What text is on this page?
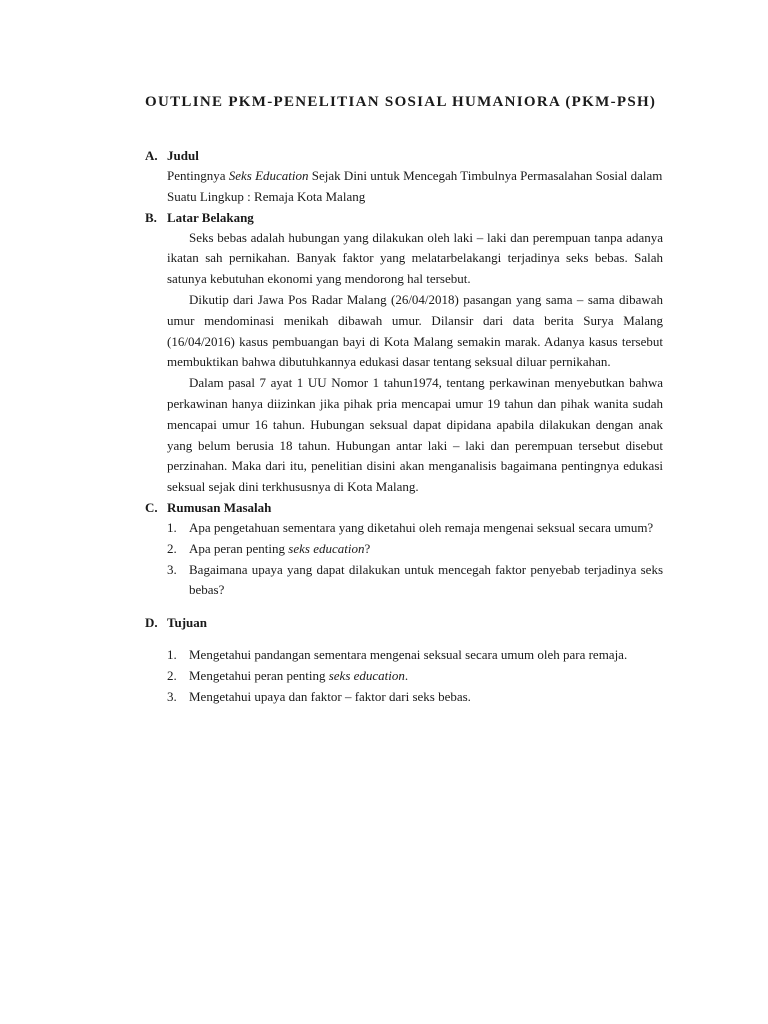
OUTLINE PKM-PENELITIAN SOSIAL HUMANIORA (PKM-PSH)
A. Judul

Pentingnya Seks Education Sejak Dini untuk Mencegah Timbulnya Permasalahan Sosial dalam Suatu Lingkup : Remaja Kota Malang

B. Latar Belakang

Seks bebas adalah hubungan yang dilakukan oleh laki – laki dan perempuan tanpa adanya ikatan sah pernikahan. Banyak faktor yang melatarbelakangi terjadinya seks bebas. Salah satunya kebutuhan ekonomi yang mendorong hal tersebut.

Dikutip dari Jawa Pos Radar Malang (26/04/2018) pasangan yang sama – sama dibawah umur mendominasi menikah dibawah umur. Dilansir dari data berita Surya Malang (16/04/2016) kasus pembuangan bayi di Kota Malang semakin marak. Adanya kasus tersebut membuktikan bahwa dibutuhkannya edukasi dasar tentang seksual diluar pernikahan.

Dalam pasal 7 ayat 1 UU Nomor 1 tahun1974, tentang perkawinan menyebutkan bahwa perkawinan hanya diizinkan jika pihak pria mencapai umur 19 tahun dan pihak wanita sudah mencapai umur 16 tahun. Hubungan seksual dapat dipidana apabila dilakukan dengan anak yang belum berusia 18 tahun. Hubungan antar laki – laki dan perempuan tersebut disebut perzinahan. Maka dari itu, penelitian disini akan menganalisis bagaimana pentingnya edukasi seksual sejak dini terkhususnya di Kota Malang.

C. Rumusan Masalah
1. Apa pengetahuan sementara yang diketahui oleh remaja mengenai seksual secara umum?
2. Apa peran penting seks education?
3. Bagaimana upaya yang dapat dilakukan untuk mencegah faktor penyebab terjadinya seks bebas?
D. Tujuan
1. Mengetahui pandangan sementara mengenai seksual secara umum oleh para remaja.
2. Mengetahui peran penting seks education.
3. Mengetahui upaya dan faktor – faktor dari seks bebas.
